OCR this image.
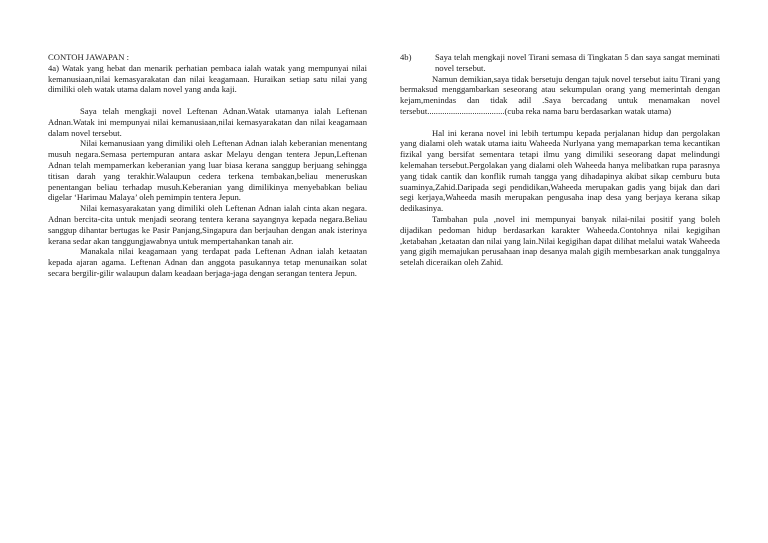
CONTOH JAWAPAN :

4a) Watak yang hebat dan menarik perhatian pembaca ialah watak yang mempunyai nilai kemanusiaan,nilai kemasyarakatan dan nilai keagamaan. Huraikan setiap satu nilai yang dimiliki oleh watak utama dalam novel yang anda kaji.

Saya telah mengkaji novel Leftenan Adnan.Watak utamanya ialah Leftenan Adnan.Watak ini mempunyai nilai kemanusiaan,nilai kemasyarakatan dan nilai keagamaan dalam novel tersebut.

Nilai kemanusiaan yang dimiliki oleh Leftenan Adnan ialah keberanian menentang musuh negara.Semasa pertempuran antara askar Melayu dengan tentera Jepun,Leftenan Adnan telah mempamerkan keberanian yang luar biasa kerana sanggup berjuang sehingga titisan darah yang terakhir.Walaupun cedera terkena tembakan,beliau meneruskan penentangan beliau terhadap musuh.Keberanian yang dimilikinya menyebabkan beliau digelar ‘Harimau Malaya’ oleh pemimpin tentera Jepun.

Nilai kemasyarakatan yang dimiliki oleh Leftenan Adnan ialah cinta akan negara. Adnan bercita-cita untuk menjadi seorang tentera kerana sayangnya kepada negara.Beliau sanggup dihantar bertugas ke Pasir Panjang,Singapura dan berjauhan dengan anak isterinya kerana sedar akan tanggungjawabnya untuk mempertahankan tanah air.

Manakala nilai keagamaan yang terdapat pada Leftenan Adnan ialah ketaatan kepada ajaran agama. Leftenan Adnan dan anggota pasukannya tetap menunaikan solat secara bergilir-gilir walaupun dalam keadaan berjaga-jaga dengan serangan tentera Jepun.

4b)	Saya telah mengkaji novel Tirani semasa di Tingkatan 5 dan saya sangat meminati novel tersebut.

Namun demikian,saya tidak bersetuju dengan tajuk novel tersebut iaitu Tirani yang bermaksud menggambarkan seseorang atau sekumpulan orang yang memerintah dengan kejam,menindas dan tidak adil .Saya bercadang untuk menamakan novel tersebut....................................(cuba reka nama baru berdasarkan watak utama)

Hal ini kerana novel ini lebih tertumpu kepada perjalanan hidup dan pergolakan yang dialami oleh watak utama iaitu Waheeda Nurlyana yang memaparkan tema kecantikan fizikal yang bersifat sementara tetapi ilmu yang dimiliki seseorang dapat melindungi kelemahan tersebut.Pergolakan yang dialami oleh Waheeda hanya melibatkan rupa parasnya yang tidak cantik dan konflik rumah tangga yang dihadapinya akibat sikap cemburu buta suaminya,Zahid.Daripada segi pendidikan,Waheeda merupakan gadis yang bijak dan dari segi kerjaya,Waheeda masih merupakan pengusaha inap desa yang berjaya kerana sikap dedikasinya.

Tambahan pula ,novel ini mempunyai banyak nilai-nilai positif yang boleh dijadikan pedoman hidup berdasarkan karakter Waheeda.Contohnya nilai kegigihan ,ketabahan ,ketaatan dan nilai yang lain.Nilai kegigihan dapat dilihat melalui watak Waheeda yang gigih memajukan perusahaan inap desanya malah gigih membesarkan anak tunggalnya setelah diceraikan oleh Zahid.
